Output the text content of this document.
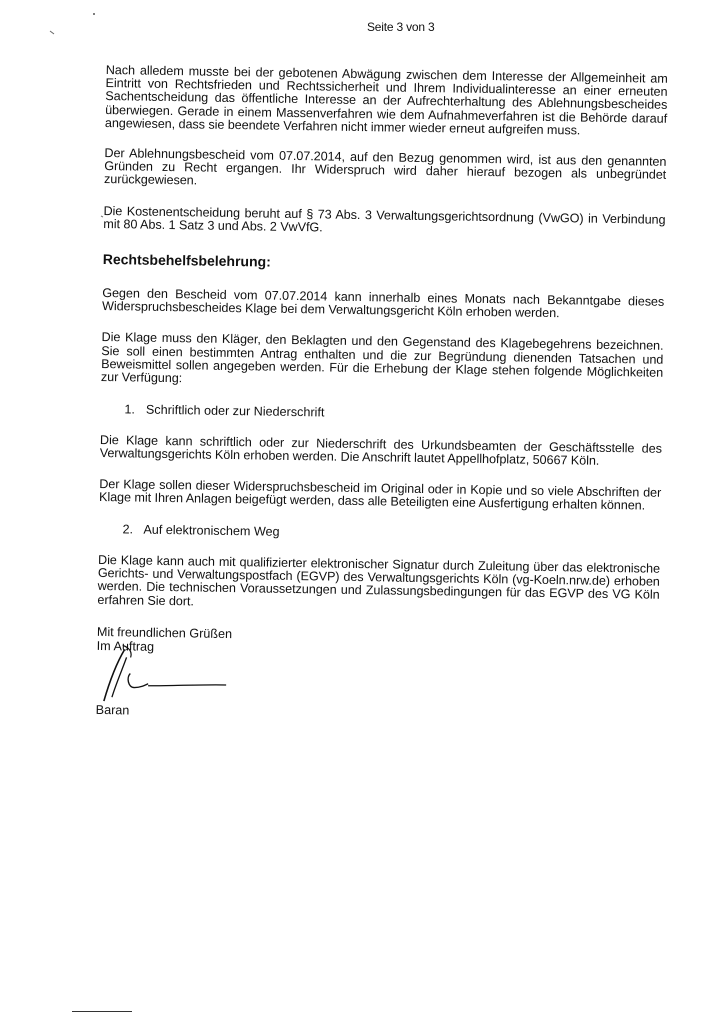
Seite 3 von 3

Nach alledem musste bei der gebotenen Abwägung zwischen dem Interesse der Allgemeinheit am Eintritt von Rechtsfrieden und Rechtssicherheit und Ihrem Individualinteresse an einer erneuten Sachentscheidung das öffentliche Interesse an der Aufrechterhaltung des Ablehnungsbescheides überwiegen. Gerade in einem Massenverfahren wie dem Aufnahmeverfahren ist die Behörde darauf angewiesen, dass sie beendete Verfahren nicht immer wieder erneut aufgreifen muss.

Der Ablehnungsbescheid vom 07.07.2014, auf den Bezug genommen wird, ist aus den genannten Gründen zu Recht ergangen. Ihr Widerspruch wird daher hierauf bezogen als unbegründet zurückgewiesen.

Die Kostenentscheidung beruht auf § 73 Abs. 3 Verwaltungsgerichtsordnung (VwGO) in Verbindung mit 80 Abs. 1 Satz 3 und Abs. 2 VwVfG.

Rechtsbehelfsbelehrung:

Gegen den Bescheid vom 07.07.2014 kann innerhalb eines Monats nach Bekanntgabe dieses Widerspruchsbescheides Klage bei dem Verwaltungsgericht Köln erhoben werden.

Die Klage muss den Kläger, den Beklagten und den Gegenstand des Klagebegehrens bezeichnen. Sie soll einen bestimmten Antrag enthalten und die zur Begründung dienenden Tatsachen und Beweismittel sollen angegeben werden. Für die Erhebung der Klage stehen folgende Möglichkeiten zur Verfügung:

1. Schriftlich oder zur Niederschrift

Die Klage kann schriftlich oder zur Niederschrift des Urkundsbeamten der Geschäftsstelle des Verwaltungsgerichts Köln erhoben werden. Die Anschrift lautet Appellhofplatz, 50667 Köln.

Der Klage sollen dieser Widerspruchsbescheid im Original oder in Kopie und so viele Abschriften der Klage mit Ihren Anlagen beigefügt werden, dass alle Beteiligten eine Ausfertigung erhalten können.

2. Auf elektronischem Weg

Die Klage kann auch mit qualifizierter elektronischer Signatur durch Zuleitung über das elektronische Gerichts- und Verwaltungspostfach (EGVP) des Verwaltungsgerichts Köln (vg-Koeln.nrw.de) erhoben werden. Die technischen Voraussetzungen und Zulassungsbedingungen für das EGVP des VG Köln erfahren Sie dort.

Mit freundlichen Grüßen
Im Auftrag
Baran
